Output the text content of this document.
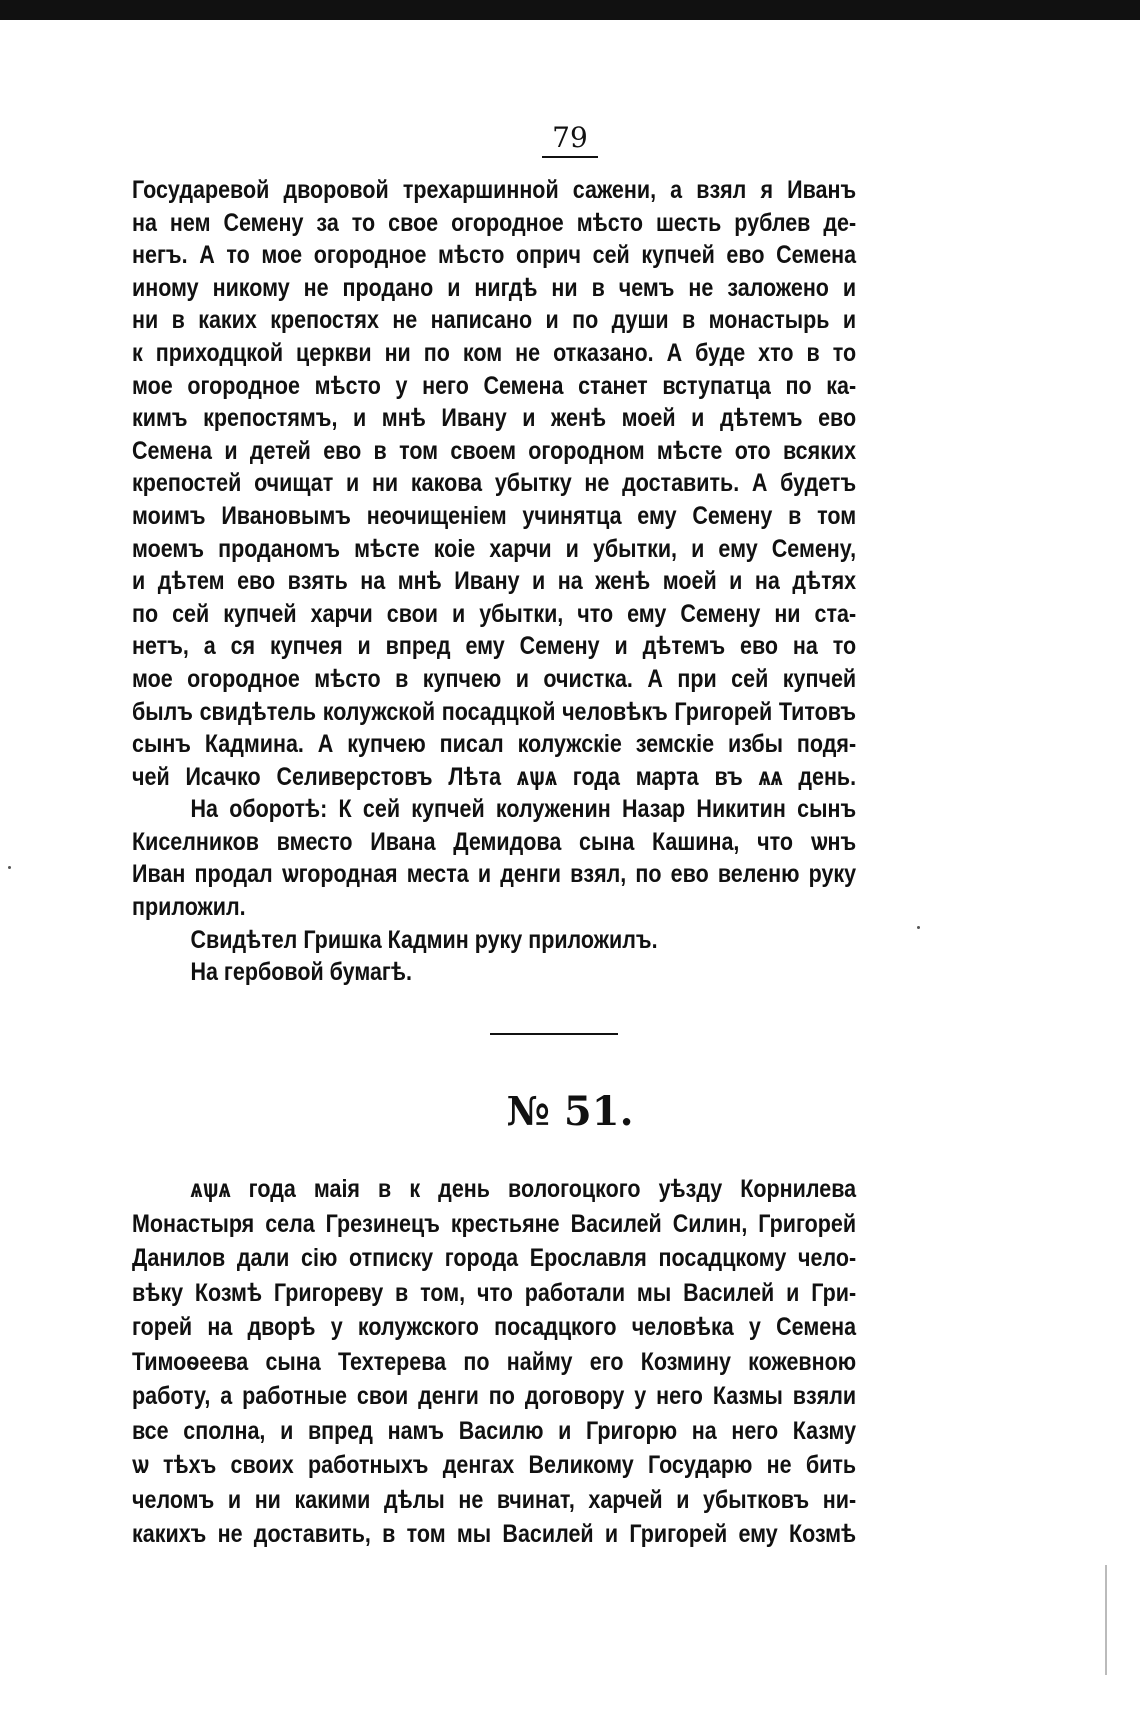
79
Государевой дворовой трехаршинной сажени, а взял я Иванъ
на нем Семену за то свое огородное мѣсто шесть рублев де-
негъ. А то мое огородное мѣсто оприч сей купчей ево Семена
иному никому не продано и нигдѣ ни в чемъ не заложено и
ни в каких крепостях не написано и по души в монастырь и
к приходцкой церкви ни по ком не отказано. А буде хто в то
мое огородное мѣсто у него Семена станет вступатца по ка-
кимъ крепостямъ, и мнѣ Ивану и женѣ моей и дѣтемъ ево
Семена и детей ево в том своем огородном мѣсте ото всяких
крепостей очищат и ни какова убытку не доставить. А будетъ
моимъ Ивановымъ неочищеніем учинятца ему Семену в том
моемъ проданомъ мѣсте коіе харчи и убытки, и ему Семену,
и дѣтем ево взять на мнѣ Ивану и на женѣ моей и на дѣтях
по сей купчей харчи свои и убытки, что ему Семену ни ста-
нетъ, а ся купчея и впред ему Семену и дѣтемъ ево на то
мое огородное мѣсто в купчею и очистка. А при сей купчей
былъ свидѣтель колужской посадцкой человѣкъ Григорей Титовъ
сынъ Кадмина. А купчею писал колужскіе земскіе избы подя-
чей Исачко Селиверстовъ Лѣта ѧѱѧ года марта въ ѧѧ день.
На оборотѣ: К сей купчей колуженин Назар Никитин сынъ
Киселников вместо Ивана Демидова сына Кашина, что ѡнъ
Иван продал ѡгородная места и денги взял, по ево веленю руку
приложил.
Свидѣтел Гришка Кадмин руку приложилъ.
На гербовой бумагѣ.
№ 51.
ѧѱѧ года маія в к день вологоцкого уѣзду Корнилева
Монастыря села Грезинецъ крестьяне Василей Силин, Григорей
Данилов дали сію отписку города Ерославля посадцкому чело-
вѣку Козмѣ Григореву в том, что работали мы Василей и Гри-
горей на дворѣ у колужского посадцкого человѣка у Семена
Тимоѳеева сына Техтерева по найму его Козмину кожевною
работу, а работные свои денги по договору у него Казмы взяли
все сполна, и впред намъ Василю и Григорю на него Казму
ѡ тѣхъ своих работныхъ денгах Великому Государю не бить
челомъ и ни какими дѣлы не вчинат, харчей и убытковъ ни-
какихъ не доставить, в том мы Василей и Григорей ему Козмѣ
